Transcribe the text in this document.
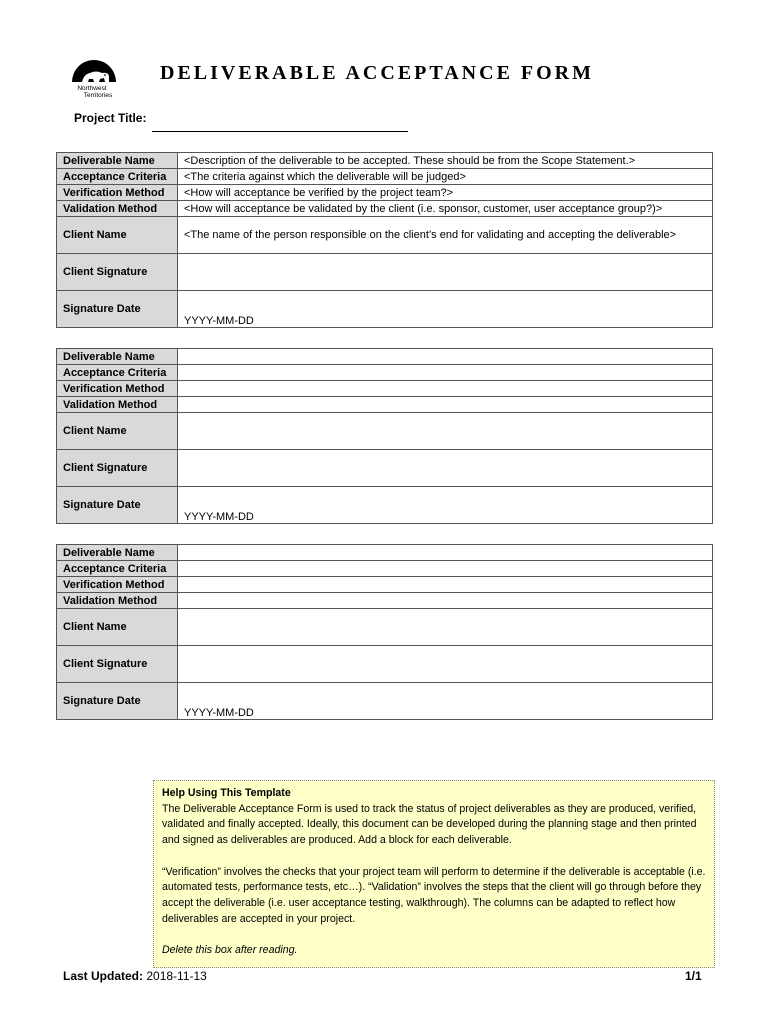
Northwest
Territories
DELIVERABLE ACCEPTANCE FORM
Project Title:
Deliverable Name	<Description of the deliverable to be accepted. These should be from the Scope Statement.>
Acceptance Criteria	<The criteria against which the deliverable will be judged>
Verification Method	<How will acceptance be verified by the project team?>
Validation Method	<How will acceptance be validated by the client (i.e. sponsor, customer, user acceptance group?)>
Client Name	<The name of the person responsible on the client’s end for validating and accepting the deliverable>
Client Signature	
Signature Date	YYYY-MM-DD
Deliverable Name	
Acceptance Criteria	
Verification Method	
Validation Method	
Client Name	
Client Signature	
Signature Date	YYYY-MM-DD
Deliverable Name	
Acceptance Criteria	
Verification Method	
Validation Method	
Client Name	
Client Signature	
Signature Date	YYYY-MM-DD

Help Using This Template

The Deliverable Acceptance Form is used to track the status of project deliverables as they are produced, verified, validated and finally accepted. Ideally, this document can be developed during the planning stage and then printed and signed as deliverables are produced. Add a block for each deliverable.

“Verification” involves the checks that your project team will perform to determine if the deliverable is acceptable (i.e. automated tests, performance tests, etc…). “Validation” involves the steps that the client will go through before they accept the deliverable (i.e. user acceptance testing, walkthrough). The columns can be adapted to reflect how deliverables are accepted in your project.

Delete this box after reading.

Last Updated: 2018-11-13	1/1
